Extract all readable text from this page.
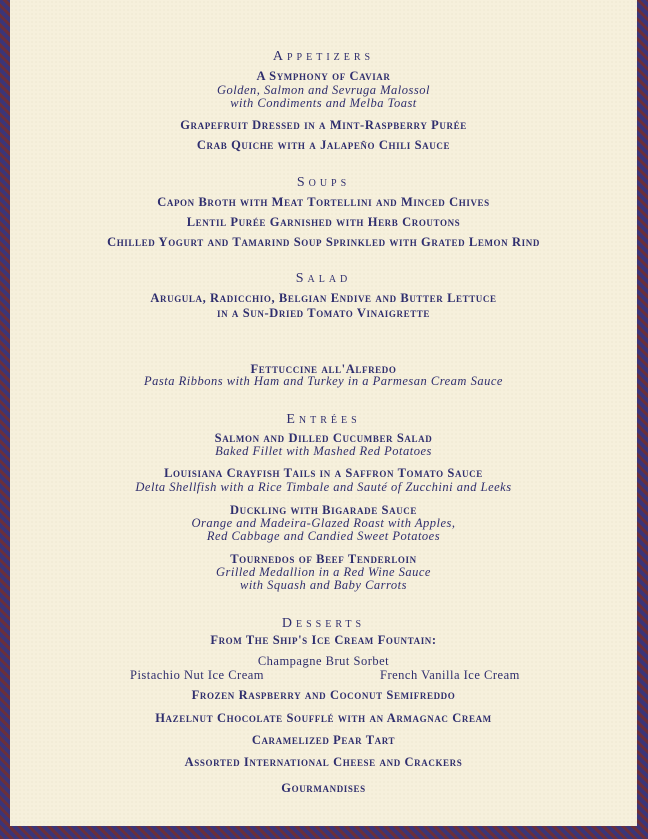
Appetizers
A Symphony of Caviar
Golden, Salmon and Sevruga Malossol
with Condiments and Melba Toast
Grapefruit Dressed in a Mint-Raspberry Purée
Crab Quiche with a Jalapeño Chili Sauce
Soups
Capon Broth with Meat Tortellini and Minced Chives
Lentil Purée Garnished with Herb Croutons
Chilled Yogurt and Tamarind Soup Sprinkled with Grated Lemon Rind
Salad
Arugula, Radicchio, Belgian Endive and Butter Lettuce
in a Sun-Dried Tomato Vinaigrette
Fettuccine all'Alfredo
Pasta Ribbons with Ham and Turkey in a Parmesan Cream Sauce
Entrées
Salmon and Dilled Cucumber Salad
Baked Fillet with Mashed Red Potatoes
Louisiana Crayfish Tails in a Saffron Tomato Sauce
Delta Shellfish with a Rice Timbale and Sauté of Zucchini and Leeks
Duckling with Bigarade Sauce
Orange and Madeira-Glazed Roast with Apples,
Red Cabbage and Candied Sweet Potatoes
Tournedos of Beef Tenderloin
Grilled Medallion in a Red Wine Sauce
with Squash and Baby Carrots
Desserts
From The Ship's Ice Cream Fountain:
Champagne Brut Sorbet
Pistachio Nut Ice Cream	French Vanilla Ice Cream
Frozen Raspberry and Coconut Semifreddo
Hazelnut Chocolate Soufflé with an Armagnac Cream
Caramelized Pear Tart
Assorted International Cheese and Crackers
Gourmandises
